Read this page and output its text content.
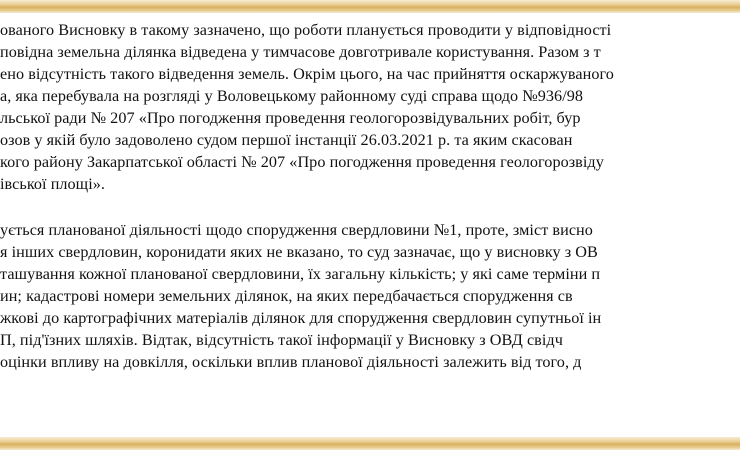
ованого Висновку в такому зазначено, що роботи планується проводити у відповідності
повідна земельна ділянка відведена у тимчасове довготривале користування. Разом з т
ено відсутність такого відведення земель. Окрім цього, на час прийняття оскаржуваного
а, яка перебувала на розгляді у Воловецькому районному суді справа щодо №936/98
льської ради № 207 «Про погодження проведення геологорозвідувальних робіт, бур
озов у якій було задоволено судом першої інстанції 26.03.2021 р. та яким скасован
кого району Закарпатської області № 207 «Про погодження проведення геологорозвіду
івської площі».
ується планованої діяльності щодо спорудження свердловини №1, проте, зміст висно
я інших свердловин, коронидати яких не вказано, то суд зазначає, що у висновку з ОВ
ташування кожної планованої свердловини, їх загальну кількість; у які саме терміни п
ин; кадастрові номери земельних ділянок, на яких передбачається спорудження св
жкові до картографічних матеріалів ділянок для спорудження свердловин супутньої ін
П, під'їзних шляхів. Відтак, відсутність такої інформації у Висновку з ОВД свідч
оцінки впливу на довкілля, оскільки вплив планової діяльності залежить від того, д
